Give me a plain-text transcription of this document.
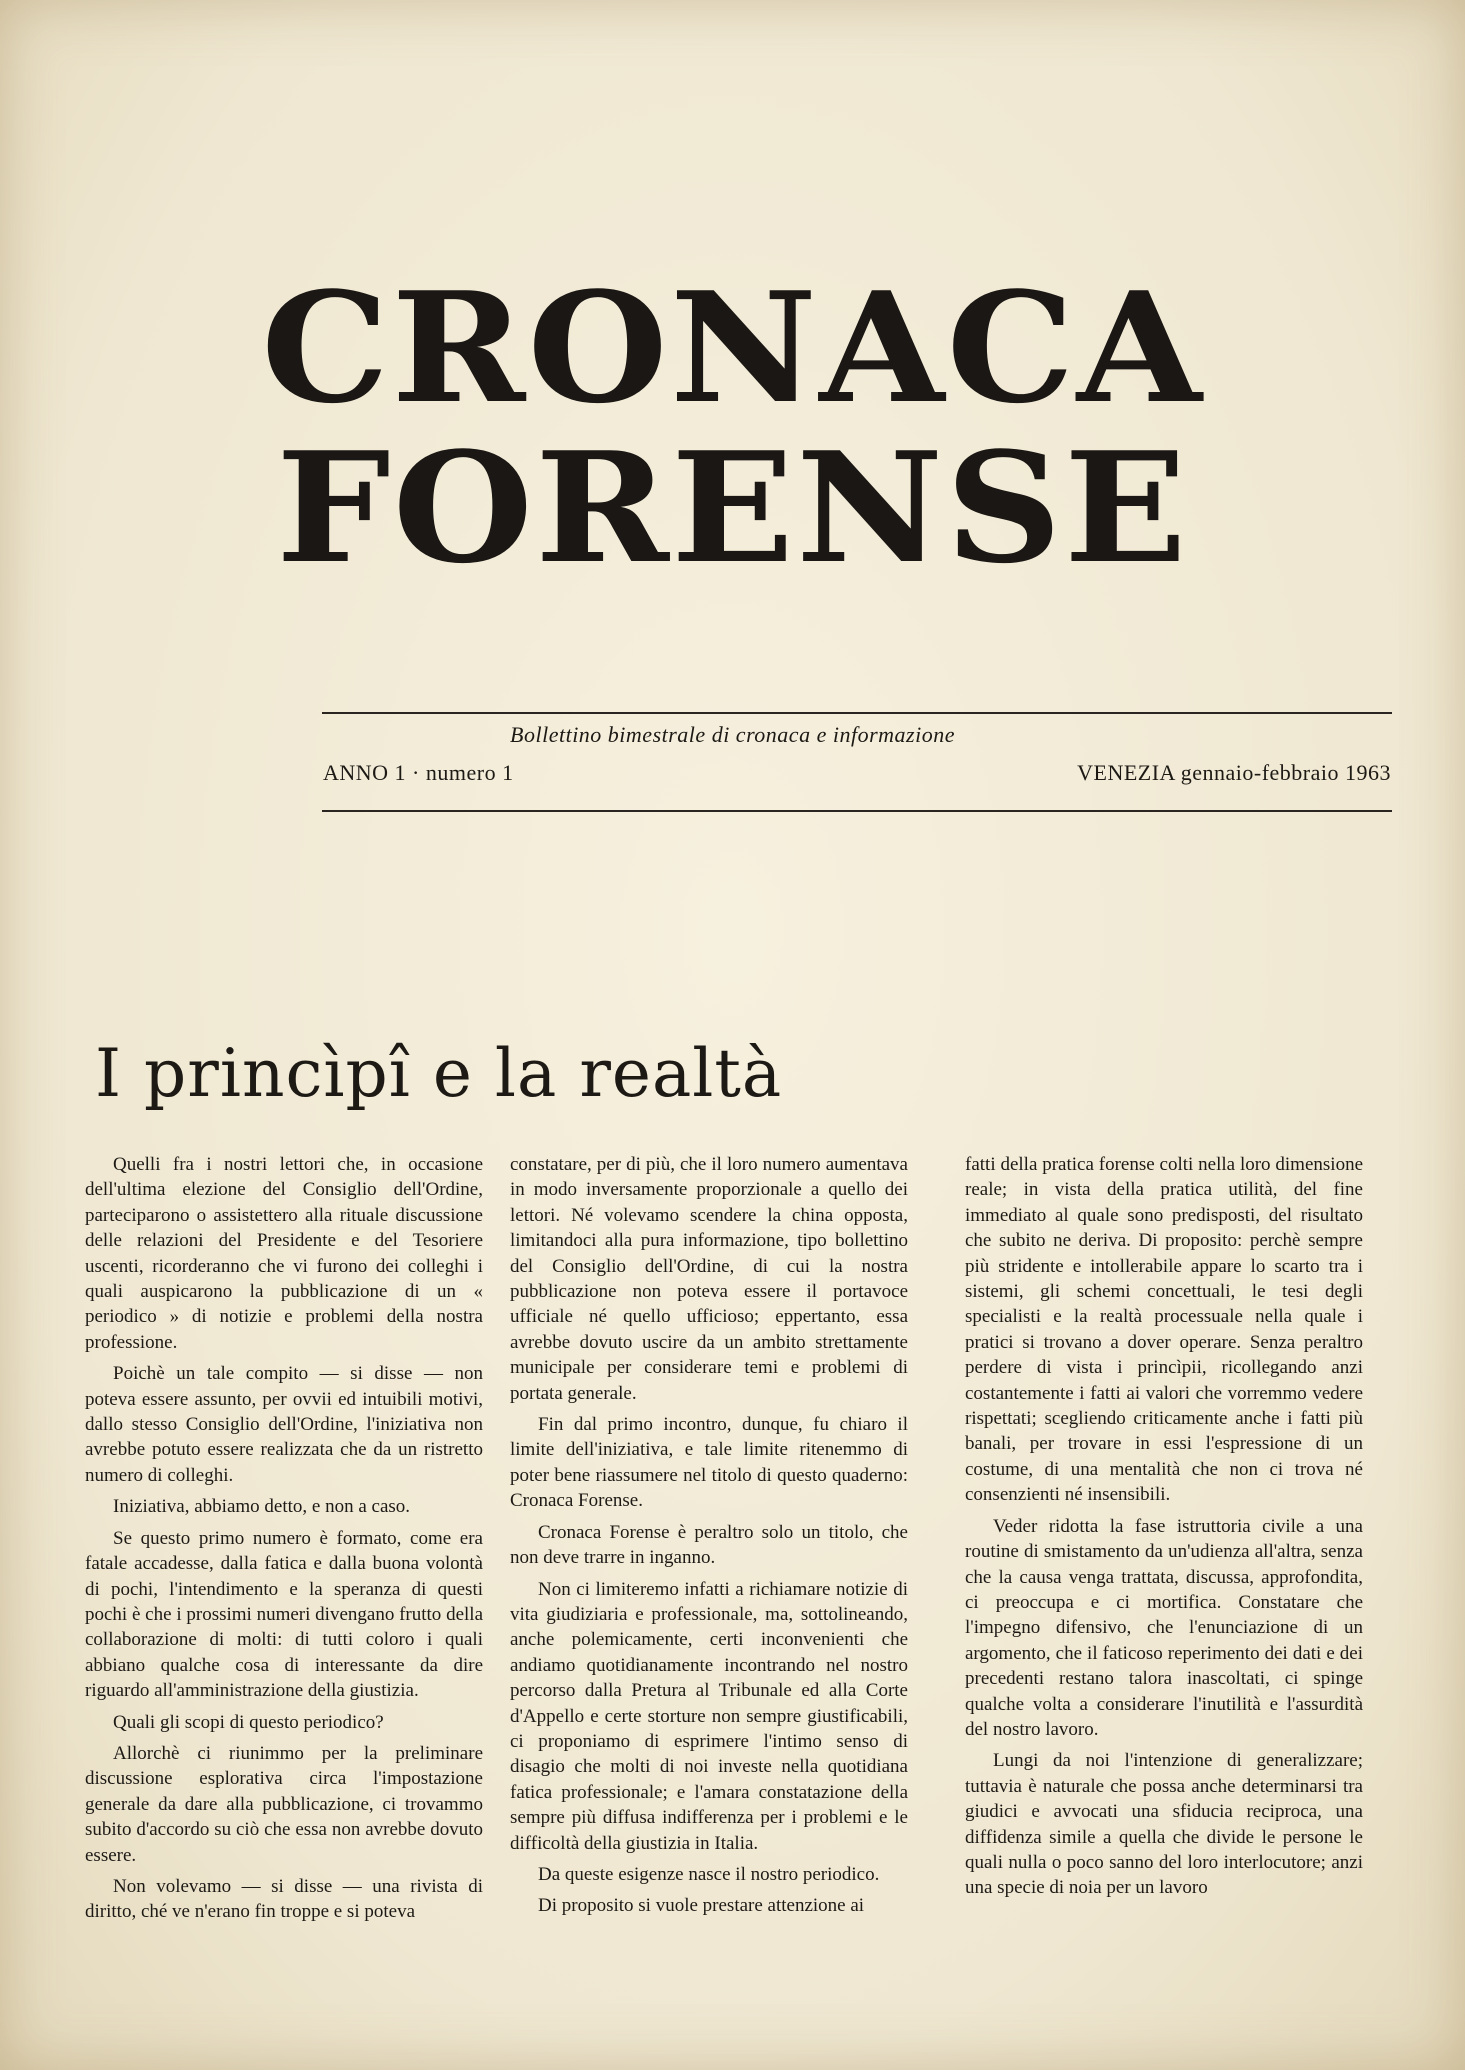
CRONACA
FORENSE
Bollettino bimestrale di cronaca e informazione
ANNO 1 · numero 1	VENEZIA gennaio-febbraio 1963
I princìpî e la realtà

Quelli fra i nostri lettori che, in occasione dell'ultima elezione del Consiglio dell'Ordine, parteciparono o assistettero alla rituale discussione delle relazioni del Presidente e del Tesoriere uscenti, ricorderanno che vi furono dei colleghi i quali auspicarono la pubblicazione di un « periodico » di notizie e problemi della nostra professione.

Poichè un tale compito — si disse — non poteva essere assunto, per ovvii ed intuibili motivi, dallo stesso Consiglio dell'Ordine, l'iniziativa non avrebbe potuto essere realizzata che da un ristretto numero di colleghi.

Iniziativa, abbiamo detto, e non a caso.

Se questo primo numero è formato, come era fatale accadesse, dalla fatica e dalla buona volontà di pochi, l'intendimento e la speranza di questi pochi è che i prossimi numeri divengano frutto della collaborazione di molti: di tutti coloro i quali abbiano qualche cosa di interessante da dire riguardo all'amministrazione della giustizia.

Quali gli scopi di questo periodico?

Allorchè ci riunimmo per la preliminare discussione esplorativa circa l'impostazione generale da dare alla pubblicazione, ci trovammo subito d'accordo su ciò che essa non avrebbe dovuto essere.

Non volevamo — si disse — una rivista di diritto, ché ve n'erano fin troppe e si poteva

constatare, per di più, che il loro numero aumentava in modo inversamente proporzionale a quello dei lettori. Né volevamo scendere la china opposta, limitandoci alla pura informazione, tipo bollettino del Consiglio dell'Ordine, di cui la nostra pubblicazione non poteva essere il portavoce ufficiale né quello ufficioso; eppertanto, essa avrebbe dovuto uscire da un ambito strettamente municipale per considerare temi e problemi di portata generale.

Fin dal primo incontro, dunque, fu chiaro il limite dell'iniziativa, e tale limite ritenemmo di poter bene riassumere nel titolo di questo quaderno: Cronaca Forense.

Cronaca Forense è peraltro solo un titolo, che non deve trarre in inganno.

Non ci limiteremo infatti a richiamare notizie di vita giudiziaria e professionale, ma, sottolineando, anche polemicamente, certi inconvenienti che andiamo quotidianamente incontrando nel nostro percorso dalla Pretura al Tribunale ed alla Corte d'Appello e certe storture non sempre giustificabili, ci proponiamo di esprimere l'intimo senso di disagio che molti di noi investe nella quotidiana fatica professionale; e l'amara constatazione della sempre più diffusa indifferenza per i problemi e le difficoltà della giustizia in Italia.

Da queste esigenze nasce il nostro periodico.

Di proposito si vuole prestare attenzione ai

fatti della pratica forense colti nella loro dimensione reale; in vista della pratica utilità, del fine immediato al quale sono predisposti, del risultato che subito ne deriva. Di proposito: perchè sempre più stridente e intollerabile appare lo scarto tra i sistemi, gli schemi concettuali, le tesi degli specialisti e la realtà processuale nella quale i pratici si trovano a dover operare. Senza peraltro perdere di vista i princìpii, ricollegando anzi costantemente i fatti ai valori che vorremmo vedere rispettati; scegliendo criticamente anche i fatti più banali, per trovare in essi l'espressione di un costume, di una mentalità che non ci trova né consenzienti né insensibili.

Veder ridotta la fase istruttoria civile a una routine di smistamento da un'udienza all'altra, senza che la causa venga trattata, discussa, approfondita, ci preoccupa e ci mortifica. Constatare che l'impegno difensivo, che l'enunciazione di un argomento, che il faticoso reperimento dei dati e dei precedenti restano talora inascoltati, ci spinge qualche volta a considerare l'inutilità e l'assurdità del nostro lavoro.

Lungi da noi l'intenzione di generalizzare; tuttavia è naturale che possa anche determinarsi tra giudici e avvocati una sfiducia reciproca, una diffidenza simile a quella che divide le persone le quali nulla o poco sanno del loro interlocutore; anzi una specie di noia per un lavoro
